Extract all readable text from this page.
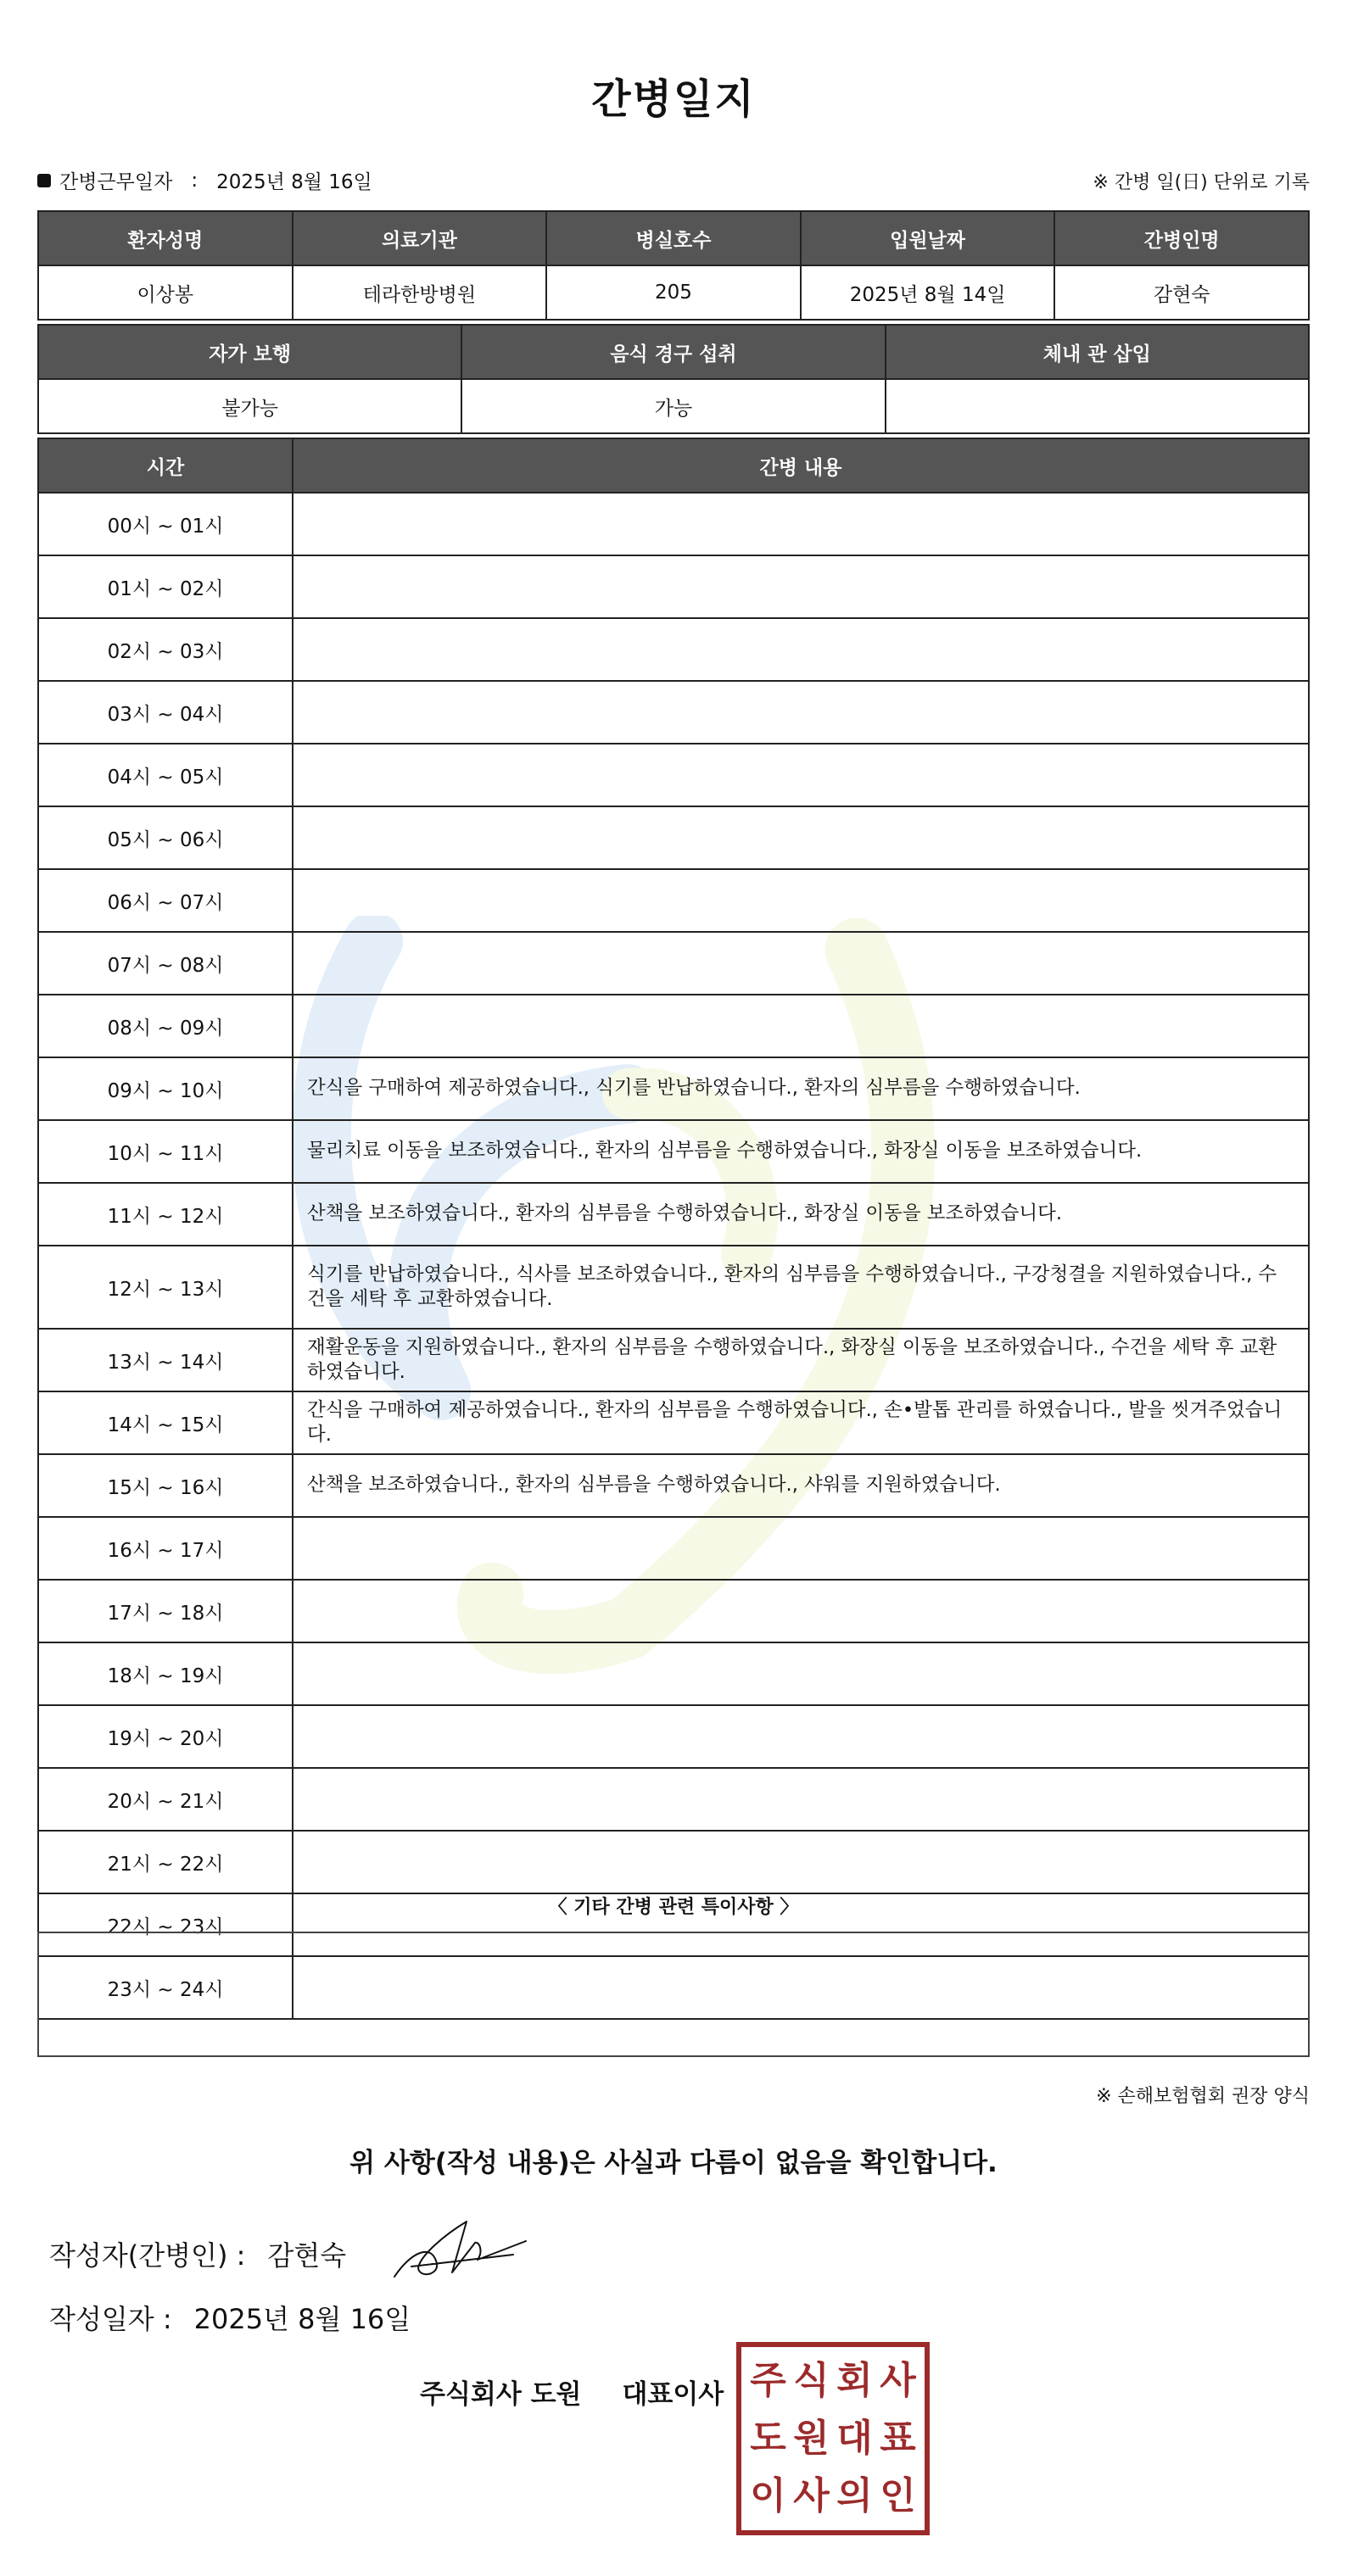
간병일지
간병근무일자 : 2025년 8월 16일	※ 간병 일(日) 단위로 기록
환자성명	의료기관	병실호수	입원날짜	간병인명
이상봉	테라한방병원	205	2025년 8월 14일	감현숙
자가 보행	음식 경구 섭취	체내 관 삽입
불가능	가능	
시간	간병 내용
00시 ~ 01시	
01시 ~ 02시	
02시 ~ 03시	
03시 ~ 04시	
04시 ~ 05시	
05시 ~ 06시	
06시 ~ 07시	
07시 ~ 08시	
08시 ~ 09시	
09시 ~ 10시	간식을 구매하여 제공하였습니다., 식기를 반납하였습니다., 환자의 심부름을 수행하였습니다.
10시 ~ 11시	물리치료 이동을 보조하였습니다., 환자의 심부름을 수행하였습니다., 화장실 이동을 보조하였습니다.
11시 ~ 12시	산책을 보조하였습니다., 환자의 심부름을 수행하였습니다., 화장실 이동을 보조하였습니다.
12시 ~ 13시	식기를 반납하였습니다., 식사를 보조하였습니다., 환자의 심부름을 수행하였습니다., 구강청결을 지원하였습니다., 수건을 세탁 후 교환하였습니다.
13시 ~ 14시	재활운동을 지원하였습니다., 환자의 심부름을 수행하였습니다., 화장실 이동을 보조하였습니다., 수건을 세탁 후 교환하였습니다.
14시 ~ 15시	간식을 구매하여 제공하였습니다., 환자의 심부름을 수행하였습니다., 손•발톱 관리를 하였습니다., 발을 씻겨주었습니다.
15시 ~ 16시	산책을 보조하였습니다., 환자의 심부름을 수행하였습니다., 샤워를 지원하였습니다.
16시 ~ 17시	
17시 ~ 18시	
18시 ~ 19시	
19시 ~ 20시	
20시 ~ 21시	
21시 ~ 22시	
22시 ~ 23시	
23시 ~ 24시	
〈 기타 간병 관련 특이사항 〉
※ 손해보험협회 권장 양식
위 사항(작성 내용)은 사실과 다름이 없음을 확인합니다.
작성자(간병인) : 감현숙
작성일자 : 2025년 8월 16일
주식회사 도원 대표이사 주 식 회 사
도 원 대 표
이 사 의 인
